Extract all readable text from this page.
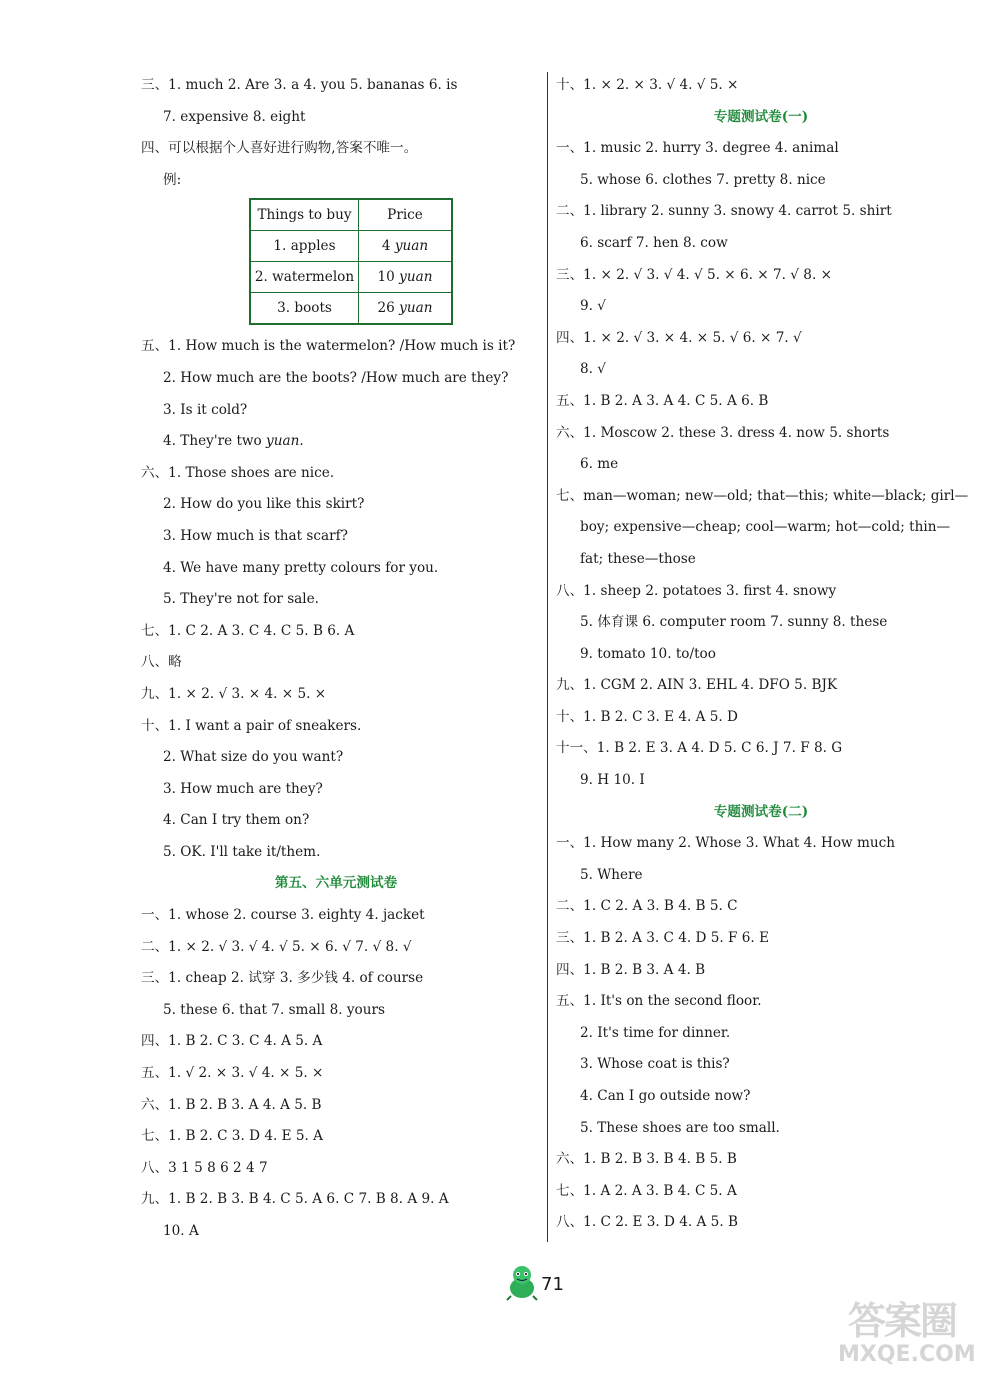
三、1. much 2. Are 3. a 4. you 5. bananas 6. is
7. expensive 8. eight
四、可以根据个人喜好进行购物,答案不唯一。
例:
Things to buy	Price
1. apples	4 yuan
2. watermelon	10 yuan
3. boots	26 yuan
五、1. How much is the watermelon? /How much is it?
2. How much are the boots? /How much are they?
3. Is it cold?
4. They're two yuan.
六、1. Those shoes are nice.
2. How do you like this skirt?
3. How much is that scarf?
4. We have many pretty colours for you.
5. They're not for sale.
七、1. C 2. A 3. C 4. C 5. B 6. A
八、略
九、1. × 2. √ 3. × 4. × 5. ×
十、1. I want a pair of sneakers.
2. What size do you want?
3. How much are they?
4. Can I try them on?
5. OK. I'll take it/them.
第五、六单元测试卷
一、1. whose 2. course 3. eighty 4. jacket
二、1. × 2. √ 3. √ 4. √ 5. × 6. √ 7. √ 8. √
三、1. cheap 2. 试穿 3. 多少钱 4. of course
5. these 6. that 7. small 8. yours
四、1. B 2. C 3. C 4. A 5. A
五、1. √ 2. × 3. √ 4. × 5. ×
六、1. B 2. B 3. A 4. A 5. B
七、1. B 2. C 3. D 4. E 5. A
八、3 1 5 8 6 2 4 7
九、1. B 2. B 3. B 4. C 5. A 6. C 7. B 8. A 9. A
10. A
十、1. × 2. × 3. √ 4. √ 5. ×
专题测试卷(一)
一、1. music 2. hurry 3. degree 4. animal
5. whose 6. clothes 7. pretty 8. nice
二、1. library 2. sunny 3. snowy 4. carrot 5. shirt
6. scarf 7. hen 8. cow
三、1. × 2. √ 3. √ 4. √ 5. × 6. × 7. √ 8. ×
9. √
四、1. × 2. √ 3. × 4. × 5. √ 6. × 7. √
8. √
五、1. B 2. A 3. A 4. C 5. A 6. B
六、1. Moscow 2. these 3. dress 4. now 5. shorts
6. me
七、man—woman; new—old; that—this; white—black; girl—
boy; expensive—cheap; cool—warm; hot—cold; thin—
fat; these—those
八、1. sheep 2. potatoes 3. first 4. snowy
5. 体育课 6. computer room 7. sunny 8. these
9. tomato 10. to/too
九、1. CGM 2. AIN 3. EHL 4. DFO 5. BJK
十、1. B 2. C 3. E 4. A 5. D
十一、1. B 2. E 3. A 4. D 5. C 6. J 7. F 8. G
9. H 10. I
专题测试卷(二)
一、1. How many 2. Whose 3. What 4. How much
5. Where
二、1. C 2. A 3. B 4. B 5. C
三、1. B 2. A 3. C 4. D 5. F 6. E
四、1. B 2. B 3. A 4. B
五、1. It's on the second floor.
2. It's time for dinner.
3. Whose coat is this?
4. Can I go outside now?
5. These shoes are too small.
六、1. B 2. B 3. B 4. B 5. B
七、1. A 2. A 3. B 4. C 5. A
八、1. C 2. E 3. D 4. A 5. B
71
答案圈
MXQE.COM
